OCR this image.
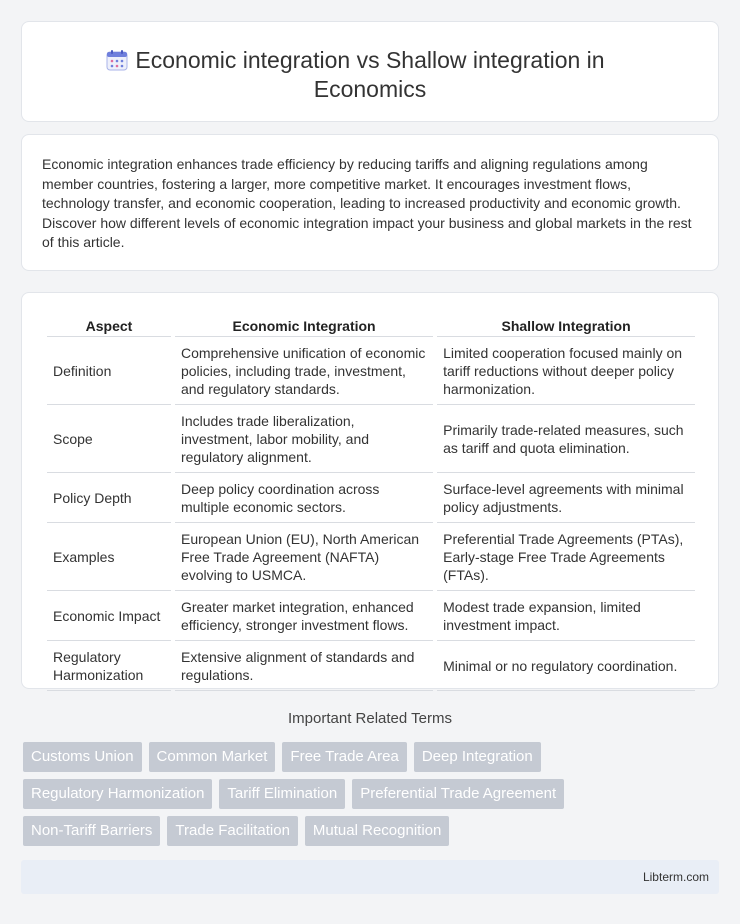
Economic integration vs Shallow integration in Economics

Economic integration enhances trade efficiency by reducing tariffs and aligning regulations among member countries, fostering a larger, more competitive market. It encourages investment flows, technology transfer, and economic cooperation, leading to increased productivity and economic growth. Discover how different levels of economic integration impact your business and global markets in the rest of this article.

Aspect	Economic Integration	Shallow Integration
Definition	Comprehensive unification of economic policies, including trade, investment, and regulatory standards.	Limited cooperation focused mainly on tariff reductions without deeper policy harmonization.
Scope	Includes trade liberalization, investment, labor mobility, and regulatory alignment.	Primarily trade-related measures, such as tariff and quota elimination.
Policy Depth	Deep policy coordination across multiple economic sectors.	Surface-level agreements with minimal policy adjustments.
Examples	European Union (EU), North American Free Trade Agreement (NAFTA) evolving to USMCA.	Preferential Trade Agreements (PTAs), Early-stage Free Trade Agreements (FTAs).
Economic Impact	Greater market integration, enhanced efficiency, stronger investment flows.	Modest trade expansion, limited investment impact.
Regulatory Harmonization	Extensive alignment of standards and regulations.	Minimal or no regulatory coordination.
Important Related Terms
Customs Union	Common Market	Free Trade Area	Deep Integration
Regulatory Harmonization	Tariff Elimination	Preferential Trade Agreement
Non-Tariff Barriers	Trade Facilitation	Mutual Recognition
Libterm.com
